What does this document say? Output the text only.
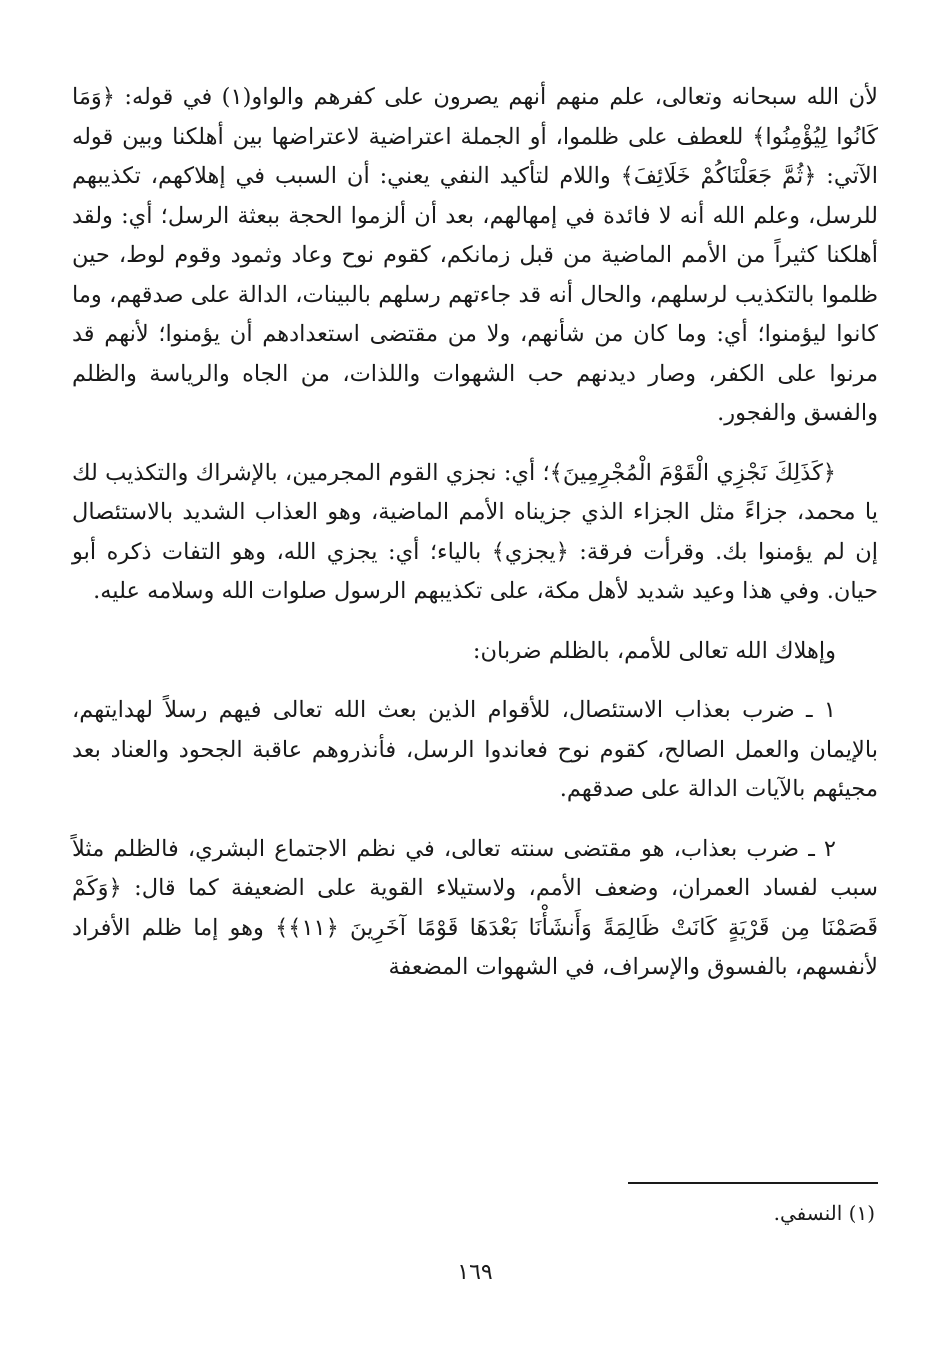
لأن الله سبحانه وتعالى، علم منهم أنهم يصرون على كفرهم والواو(١) في قوله: ﴿وَمَا كَانُوا لِيُؤْمِنُوا﴾ للعطف على ظلموا، أو الجملة اعتراضية لاعتراضها بين أهلكنا وبين قوله الآتي: ﴿ثُمَّ جَعَلْنَاكُمْ خَلَائِفَ﴾ واللام لتأكيد النفي يعني: أن السبب في إهلاكهم، تكذيبهم للرسل، وعلم الله أنه لا فائدة في إمهالهم، بعد أن ألزموا الحجة ببعثة الرسل؛ أي: ولقد أهلكنا كثيراً من الأمم الماضية من قبل زمانكم، كقوم نوح وعاد وثمود وقوم لوط، حين ظلموا بالتكذيب لرسلهم، والحال أنه قد جاءتهم رسلهم بالبينات، الدالة على صدقهم، وما كانوا ليؤمنوا؛ أي: وما كان من شأنهم، ولا من مقتضى استعدادهم أن يؤمنوا؛ لأنهم قد مرنوا على الكفر، وصار ديدنهم حب الشهوات واللذات، من الجاه والرياسة والظلم والفسق والفجور.

﴿كَذَلِكَ نَجْزِي الْقَوْمَ الْمُجْرِمِينَ﴾؛ أي: نجزي القوم المجرمين، بالإشراك والتكذيب لك يا محمد، جزاءً مثل الجزاء الذي جزيناه الأمم الماضية، وهو العذاب الشديد بالاستئصال إن لم يؤمنوا بك. وقرأت فرقة: ﴿يجزي﴾ بالياء؛ أي: يجزي الله، وهو التفات ذكره أبو حيان. وفي هذا وعيد شديد لأهل مكة، على تكذيبهم الرسول صلوات الله وسلامه عليه.

وإهلاك الله تعالى للأمم، بالظلم ضربان:

١ ـ ضرب بعذاب الاستئصال، للأقوام الذين بعث الله تعالى فيهم رسلاً لهدايتهم، بالإيمان والعمل الصالح، كقوم نوح فعاندوا الرسل، فأنذروهم عاقبة الجحود والعناد بعد مجيئهم بالآيات الدالة على صدقهم.

٢ ـ ضرب بعذاب، هو مقتضى سنته تعالى، في نظم الاجتماع البشري، فالظلم مثلاً سبب لفساد العمران، وضعف الأمم، ولاستيلاء القوية على الضعيفة كما قال: ﴿وَكَمْ قَصَمْنَا مِن قَرْيَةٍ كَانَتْ ظَالِمَةً وَأَنشَأْنَا بَعْدَهَا قَوْمًا آخَرِينَ ﴿١١﴾﴾ وهو إما ظلم الأفراد لأنفسهم، بالفسوق والإسراف، في الشهوات المضعفة

(١) النسفي.
١٦٩
